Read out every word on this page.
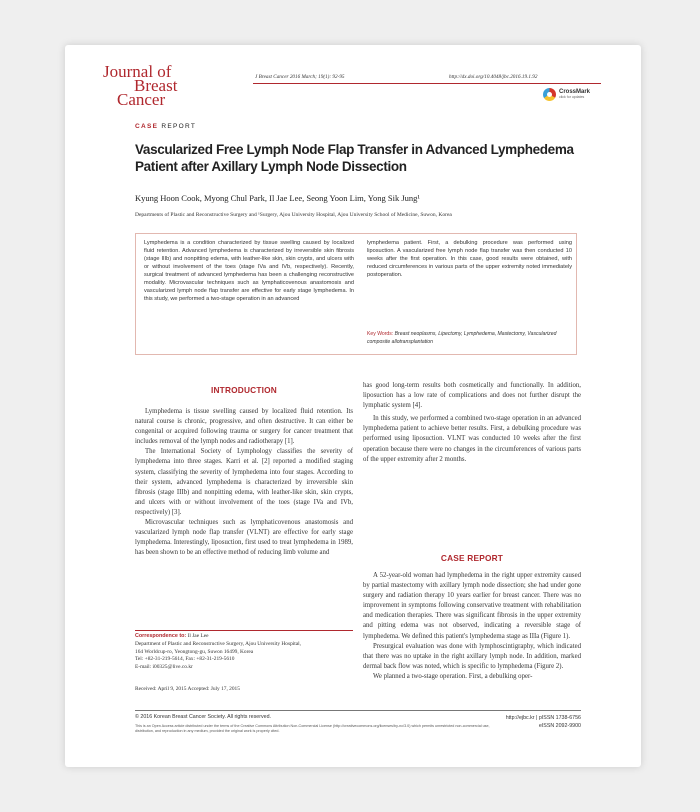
Journal of
Breast
Cancer
J Breast Cancer 2016 March; 19(1): 92-95	http://dx.doi.org/10.4048/jbc.2016.19.1.92
CrossMark
click for updates
CASE REPORT
Vascularized Free Lymph Node Flap Transfer in Advanced Lymphedema Patient after Axillary Lymph Node Dissection
Kyung Hoon Cook, Myong Chul Park, Il Jae Lee, Seong Yoon Lim, Yong Sik Jung¹
Departments of Plastic and Reconstructive Surgery and ¹Surgery, Ajou University Hospital, Ajou University School of Medicine, Suwon, Korea
Lymphedema is a condition characterized by tissue swelling caused by localized fluid retention. Advanced lymphedema is characterized by irreversible skin fibrosis (stage IIIb) and nonpitting edema, with leather-like skin, skin crypts, and ulcers with or without involvement of the toes (stage IVa and IVb, respectively). Recently, surgical treatment of advanced lymphedema has been a challenging reconstructive modality. Microvascular techniques such as lymphaticovenous anastomosis and vascularized lymph node flap transfer are effective for early stage lymphedema. In this study, we performed a two-stage operation in an advanced
lymphedema patient. First, a debulking procedure was performed using liposuction. A vascularized free lymph node flap transfer was then conducted 10 weeks after the first operation. In this case, good results were obtained, with reduced circumferences in various parts of the upper extremity noted immediately postoperation.
Key Words: Breast neoplasms, Lipectomy, Lymphedema, Mastectomy, Vascularized composite allotransplantation
INTRODUCTION

Lymphedema is tissue swelling caused by localized fluid retention. Its natural course is chronic, progressive, and often destructive. It can either be congenital or acquired following trauma or surgery for cancer treatment that includes removal of the lymph nodes and radiotherapy [1].

The International Society of Lymphology classifies the severity of lymphedema into three stages. Karri et al. [2] reported a modified staging system, classifying the severity of lymphedema into four stages. According to their system, advanced lymphedema is characterized by irreversible skin fibrosis (stage IIIb) and nonpitting edema, with leather-like skin, skin crypts, and ulcers with or without involvement of the toes (stage IVa and IVb, respectively) [3].

Microvascular techniques such as lymphaticovenous anastomosis and vascularized lymph node flap transfer (VLNT) are effective for early stage lymphedema. Interestingly, liposuction, first used to treat lymphedema in 1989, has been shown to be an effective method of reducing limb volume and

has good long-term results both cosmetically and functionally. In addition, liposuction has a low rate of complications and does not further disrupt the lymphatic system [4].

In this study, we performed a combined two-stage operation in an advanced lymphedema patient to achieve better results. First, a debulking procedure was performed using liposuction. VLNT was conducted 10 weeks after the first operation because there were no changes in the circumferences of various parts of the upper extremity after 2 months.

CASE REPORT

A 52-year-old woman had lymphedema in the right upper extremity caused by partial mastectomy with axillary lymph node dissection; she had under gone surgery and radiation therapy 10 years earlier for breast cancer. There was no improvement in symptoms following conservative treatment with rehabilitation and medication therapies. There was significant fibrosis in the upper extremity and pitting edema was not observed, indicating a reversible stage of lymphedema. We defined this patient's lymphedema stage as IIIa (Figure 1).

Presurgical evaluation was done with lymphoscintigraphy, which indicated that there was no uptake in the right axillary lymph node. In addition, marked dermal back flow was noted, which is specific to lymphedema (Figure 2).

We planned a two-stage operation. First, a debulking oper-

Correspondence to: Il Jae Lee
Department of Plastic and Reconstructive Surgery, Ajou University Hospital,
164 Worldcup-ro, Yeongtong-gu, Suwon 16499, Korea
Tel: +82-31-219-5614, Fax: +82-31-219-5610
E-mail: i00325@live.co.kr
Received: April 9, 2015 Accepted: July 17, 2015
© 2016 Korean Breast Cancer Society. All rights reserved.
This is an Open Access article distributed under the terms of the Creative Commons Attribution Non-Commercial License (http://creativecommons.org/licenses/by-nc/3.0) which permits unrestricted non-commercial use, distribution, and reproduction in any medium, provided the original work is properly cited.
http://ejbc.kr | pISSN 1738-6756
eISSN 2092-9900
